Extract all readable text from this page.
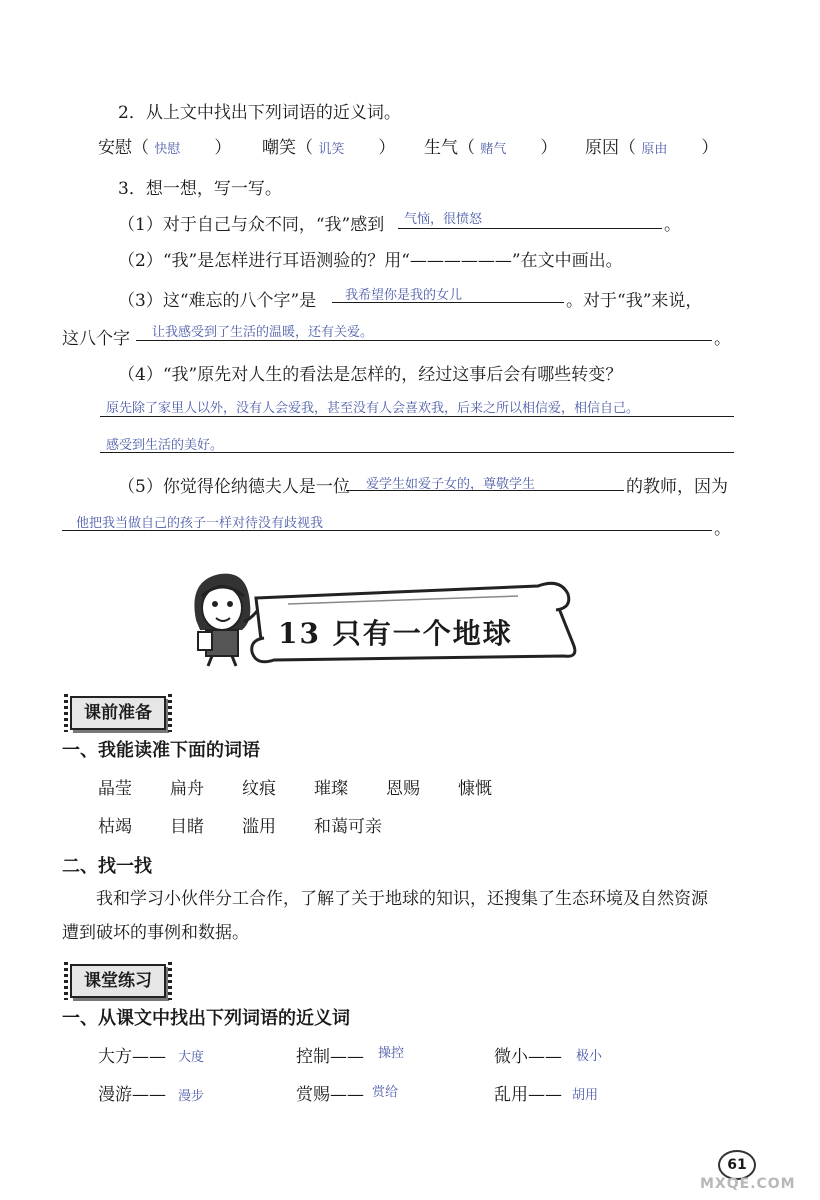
2．从上文中找出下列词语的近义词。
安慰（ 快慰 ） 嘲笑（ 讥笑 ） 生气（ 赌气 ） 原因（ 原由 ）
3．想一想，写一写。
（1）对于自己与众不同，“我”感到 气恼，很愤怒	。
（2）“我”是怎样进行耳语测验的？用“——————”在文中画出。
（3）这“难忘的八个字”是 我希望你是我的女儿	。对于“我”来说，
这八个字 让我感受到了生活的温暖，还有关爱。	。
（4）“我”原先对人生的看法是怎样的，经过这事后会有哪些转变？
原先除了家里人以外，没有人会爱我，甚至没有人会喜欢我，后来之所以相信爱，相信自己。
感受到生活的美好。
（5）你觉得伦纳德夫人是一位 爱学生如爱子女的，尊敬学生	的教师，因为
他把我当做自己的孩子一样对待没有歧视我	。
13 只有一个地球
课前准备
一、我能读准下面的词语
晶莹 扁舟 纹痕 璀璨 恩赐 慷慨
枯竭 目睹 滥用 和蔼可亲
二、找一找
我和学习小伙伴分工合作，了解了关于地球的知识，还搜集了生态环境及自然资源遭到破坏的事例和数据。
课堂练习
一、从课文中找出下列词语的近义词
大方—— 大度	控制—— 操控	微小—— 极小
漫游—— 漫步	赏赐—— 赏给	乱用—— 胡用
61
MXQE.COM
